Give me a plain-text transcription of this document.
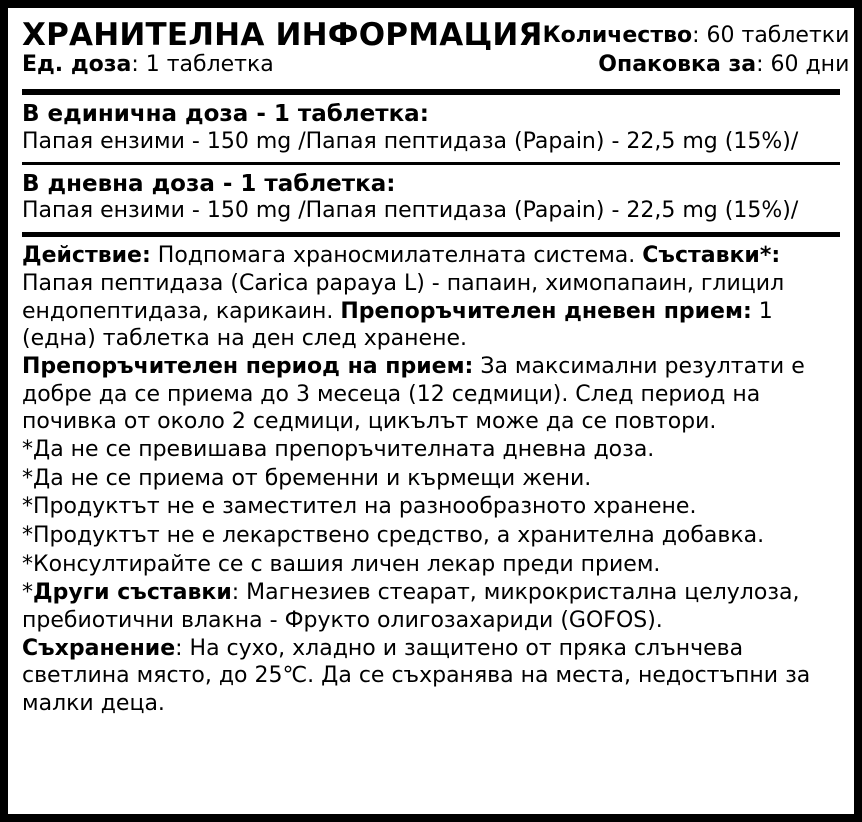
ХРАНИТЕЛНА ИНФОРМАЦИЯ
Ед. доза: 1 таблетка
Количество: 60 таблетки
Опаковка за: 60 дни
В единична доза - 1 таблетка:
Папая ензими - 150 mg /Папая пептидаза (Papain) - 22,5 mg (15%)/
В дневна доза - 1 таблетка:
Папая ензими - 150 mg /Папая пептидаза (Papain) - 22,5 mg (15%)/
Действие: Подпомага храносмилателната система. Съставки*:
Папая пептидаза (Carica papaya L) - папаин, химопапаин, глицил ендопептидаза, карикаин. Препоръчителен дневен прием: 1 (една) таблетка на ден след хранене.
Препоръчителен период на прием: За максимални резултати е добре да се приема до 3 месеца (12 седмици). След период на почивка от около 2 седмици, цикълът може да се повтори.
*Да не се превишава препоръчителната дневна доза.
*Да не се приема от бременни и кърмещи жени.
*Продуктът не е заместител на разнообразното хранене.
*Продуктът не е лекарствено средство, а хранителна добавка.
*Консултирайте се с вашия личен лекар преди прием.
*Други съставки: Магнезиев стеарат, микрокристална целулоза, пребиотични влакна - Фрукто олигозахариди (GOFOS).
Съхранение: На сухо, хладно и защитено от пряка слънчева светлина място, до 25℃. Да се съхранява на места, недостъпни за малки деца.
